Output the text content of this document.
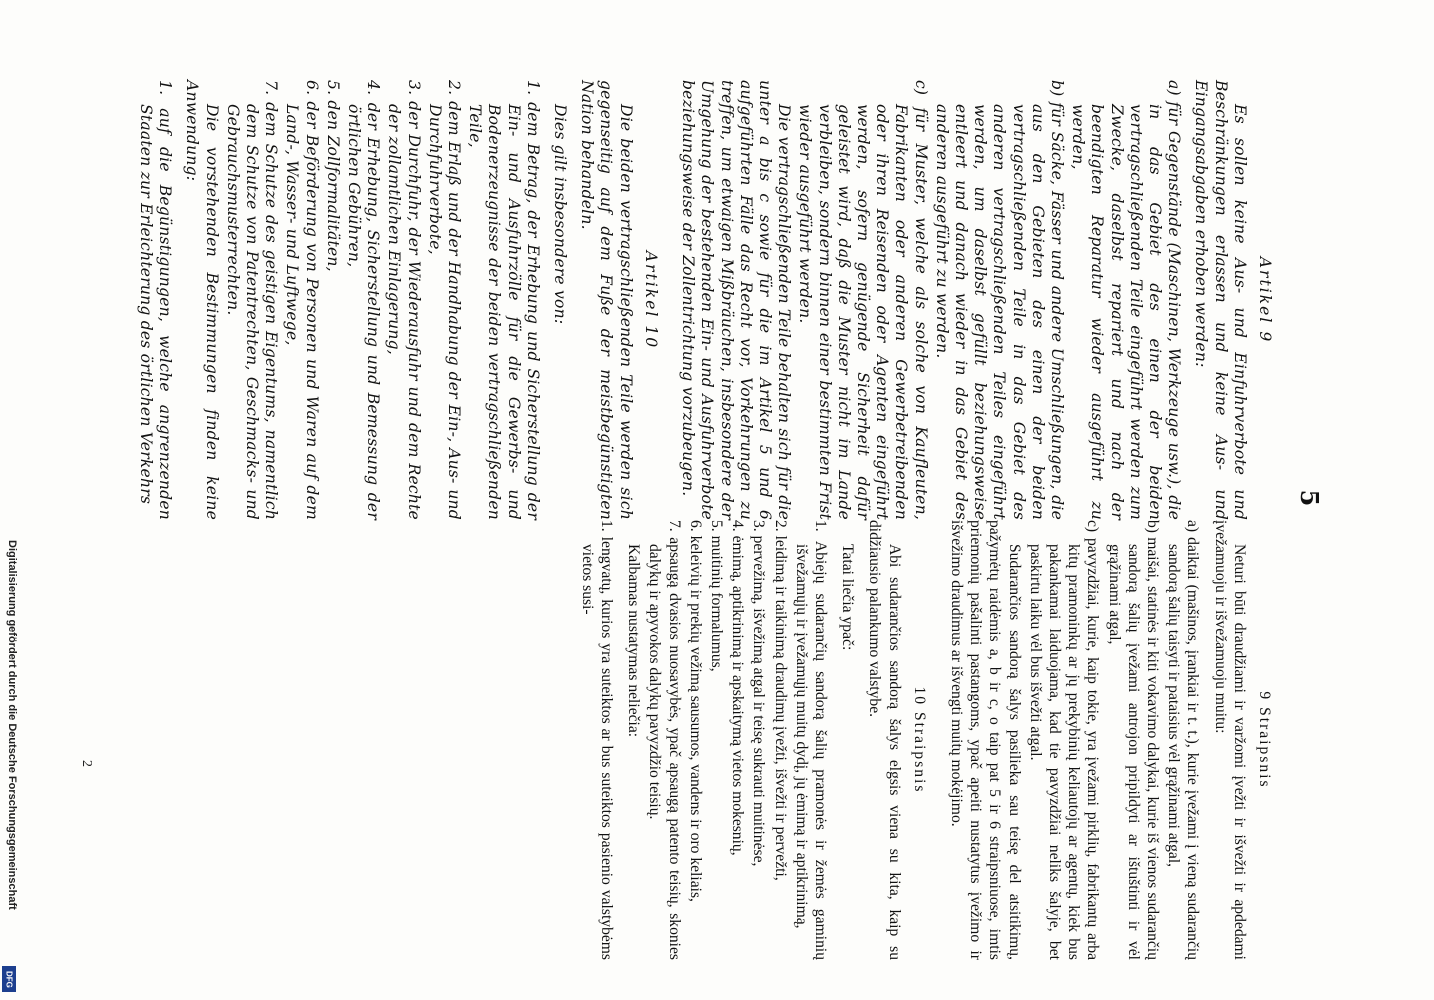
Digitalisierung gefördert durch die Deutsche Forschungsgemeinschaft
DFG
5
Artikel 9
Es sollen keine Aus- und Einfuhrverbote und Beschränkungen erlassen und keine Aus- und Eingangsabgaben erhoben werden:
a) für Gegenstände (Maschinen, Werkzeuge usw.), die in das Gebiet des einen der beiden vertragschließenden Teile eingeführt werden zum Zwecke, daselbst repariert und nach der beendigten Reparatur wieder ausgeführt zu werden,
b) für Säcke, Fässer und andere Umschließungen, die aus den Gebieten des einen der beiden vertragschließenden Teile in das Gebiet des anderen vertragschließenden Teiles eingeführt werden, um daselbst gefüllt beziehungsweise entleert und danach wieder in das Gebiet des anderen ausgeführt zu werden.
c) für Muster, welche als solche von Kaufleuten, Fabrikanten oder anderen Gewerbetreibenden oder ihren Reisenden oder Agenten eingeführt werden, sofern genügende Sicherheit dafür geleistet wird, daß die Muster nicht im Lande verbleiben, sondern binnen einer bestimmten Frist wieder ausgeführt werden.
Die vertragschließenden Teile behalten sich für die unter a bis c sowie für die im Artikel 5 und 6 aufgeführten Fälle das Recht vor, Vorkehrungen zu treffen, um etwaigen Mißbräuchen, insbesondere der Umgehung der bestehenden Ein- und Ausfuhrverbote beziehungsweise der Zollentrichtung vorzubeugen.
Artikel 10
Die beiden vertragschließenden Teile werden sich gegenseitig auf dem Fuße der meistbegünstigten Nation behandeln.
Dies gilt insbesondere von:
1. dem Betrag, der Erhebung und Sicherstellung der Ein- und Ausfuhrzölle für die Gewerbs- und Bodenerzeugnisse der beiden vertragschließenden Teile,
2. dem Erlaß und der Handhabung der Ein-, Aus- und Durchfuhrverbote,
3. der Durchfuhr, der Wiederausfuhr und dem Rechte der zollamtlichen Einlagerung,
4. der Erhebung, Sicherstellung und Bemessung der örtlichen Gebühren,
5. den Zollformalitäten,
6. der Beförderung von Personen und Waren auf dem Land-, Wasser- und Luftwege,
7. dem Schutze des geistigen Eigentums, namentlich dem Schutze von Patentrechten, Geschmacks- und Gebrauchsmusterrechten.
Die vorstehenden Bestimmungen finden keine Anwendung:
1. auf die Begünstigungen, welche angrenzenden Staaten zur Erleichterung des örtlichen Verkehrs
9 Straipsnis
Neturi būti draudžiami ir varžomi įvežti ir išvežti ir apdedami įvežamuoju ir išvežamuoju muitu:
a) daiktai (mašinos, įrankiai ir t. t.), kurie įvežami į vieną sudarančių sandorą šalių taisyti ir pataisius vėl grąžinami atgal,
b) maišai, statinės ir kiti vokavimo dalykai, kurie iš vienos sudarančių sandorą šalių įvežami antrojon pripildyti ar ištuštinti ir vėl grąžinami atgal,
c) pavyzdžiai, kurie, kaip tokie, yra įvežami pirklių, fabrikantų arba kitų pramoninkų ar jų prekybinių keliautojų ar agentų, kiek bus pakankamai laiduojama, kad tie pavyzdžiai neliks šalyje, bet paskirtu laiku vėl bus išvežti atgal.
Sudarančios sandorą šalys pasilieka sau teisę del atsitikimų, pažymėtų raidėmis a, b ir c, o taip pat 5 ir 6 straipsniuose, imtis priemonių pašalinti pastangoms, ypač apeiti nustatytus įvežimo ir išvežimo draudimus ar išvengti muitų mokėjimo.
10 Straipsnis
Abi sudarančios sandorą šalys elgsis viena su kita, kaip su didžiausio palankumo valstybe.
Tatai liečia ypač:
1. Abiejų sudarančių sandorą šalių pramonės ir žemės gaminių išvežamųjų ir įvežamųjų muitų dydį, jų ėmimą ir aptikrinimą,
2. leidimą ir taikinimą draudimų įvežti, išvežti ir pervežti,
3. pervežimą, išvežimą atgal ir teisę sukrauti muitinėse,
4. ėmimą, aptikrinimą ir apskaitymą vietos mokesnių,
5. muitinių formalumus,
6. keleivių ir prekių vežimą sausumos, vandens ir oro keliais,
7. apsaugą dvasios nuosavybės, ypač apsaugą patento teisių, skonies dalykų ir apyvokos dalykų pavyzdžio teisių.
Kalbamas nustatymas neliečia:
1. lengvatų, kurios yra suteiktos ar bus suteiktos pasienio valstybėms vietos susi-
2
